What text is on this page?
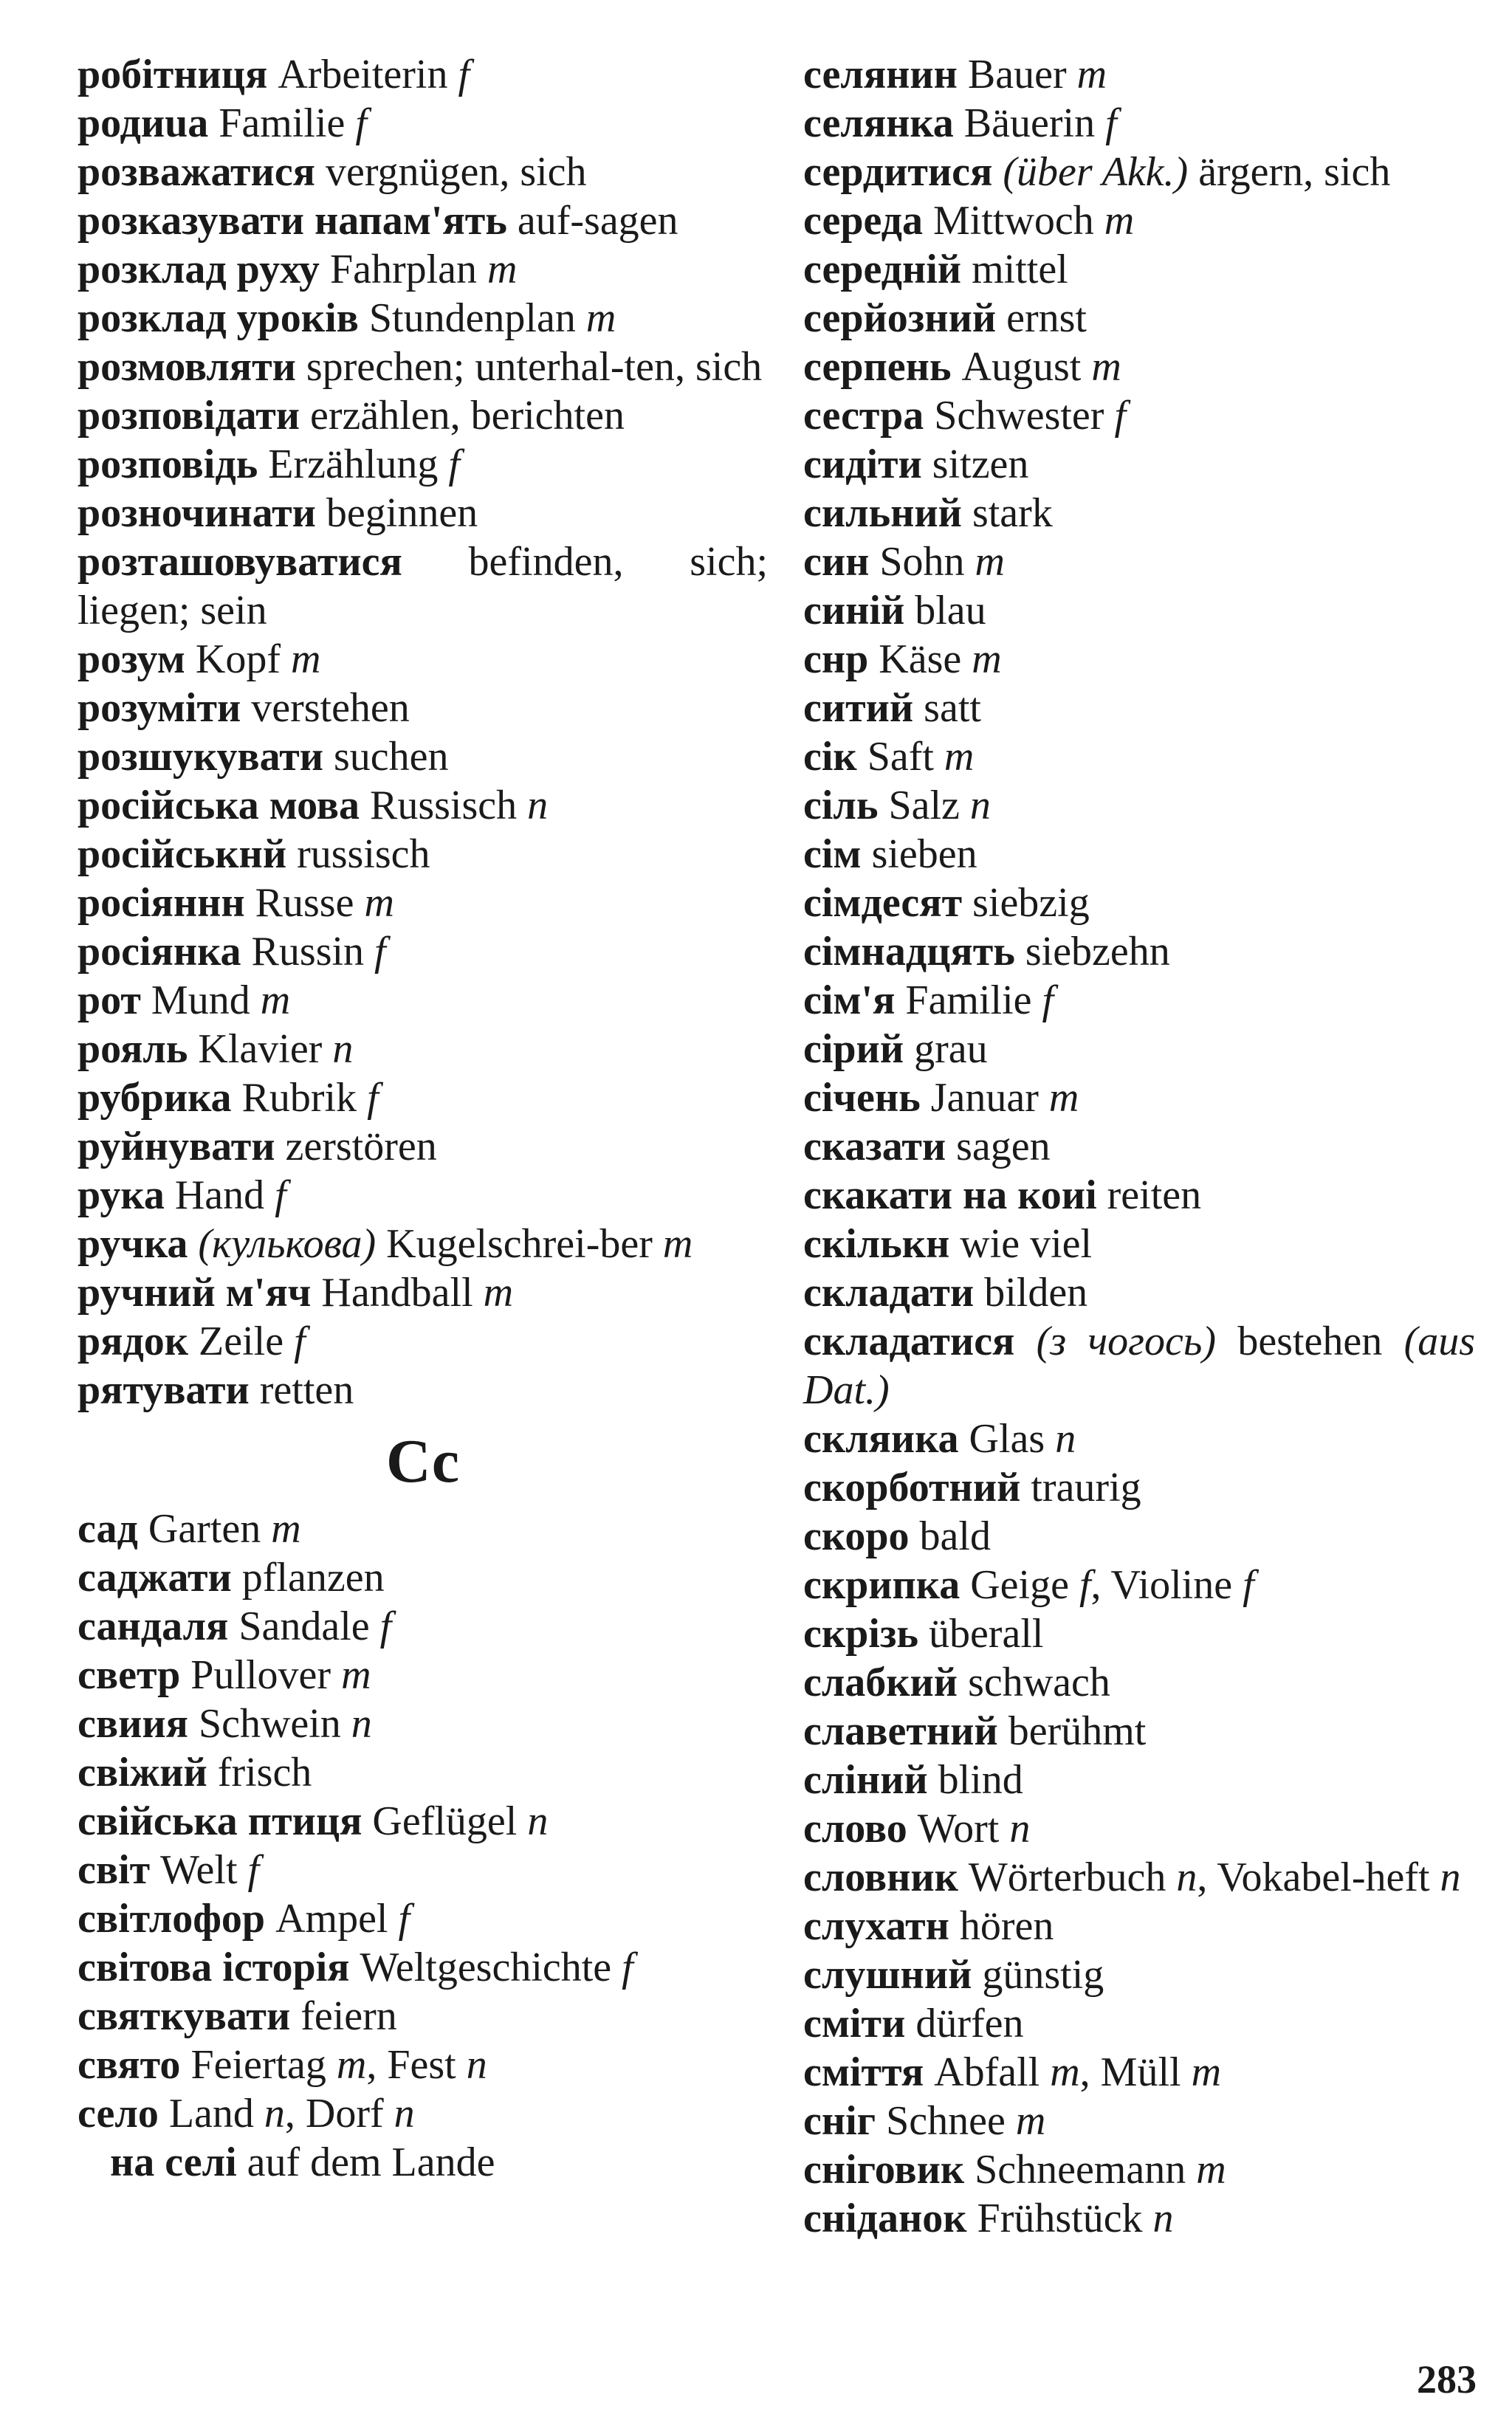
робітниця Arbeiterin f

родиua Familie f

розважатися vergnügen, sich

розказувати напам'ять auf-sagen

розклад руху Fahrplan m

розклад уроків Stundenplan m

розмовляти sprechen; unterhal-ten, sich

розповідати erzählen, berichten

розповідь Erzählung f

розночинати beginnen

розташовуватися befinden, sich; liegen; sein

розум Kopf m

розуміти verstehen

розшукувати suchen

російська мова Russisch n

російськнй russisch

росіяннн Russe m

росіянка Russin f

рот Mund m

рояль Klavier n

рубрика Rubrik f

руйнувати zerstören

рука Hand f

ручка (кулькова) Kugelschrei-ber m

ручний м'яч Handball m

рядок Zeile f

рятувати retten

Сс

сад Garten m

саджати pflanzen

сандаля Sandale f

светр Pullover m

свиия Schwein n

свіжий frisch

свійська птиця Geflügel n

світ Welt f

світлофор Ampel f

світова історія Weltgeschichte f

святкувати feiern

свято Feiertag m, Fest n

село Land n, Dorf n

на селі auf dem Lande

селянин Bauer m

селянка Bäuerin f

сердитися (über Akk.) ärgern, sich

середа Mittwoch m

середній mittel

серйозний ernst

серпень August m

сестра Schwester f

сидіти sitzen

сильний stark

син Sohn m

синій blau

снр Käse m

ситий satt

сік Saft m

сіль Salz n

сім sieben

сімдесят siebzig

сімнадцять siebzehn

сім'я Familie f

сірий grau

січень Januar m

сказати sagen

скакати на коиі reiten

скількн wie viel

складати bilden

складатися (з чогось) bestehen (aus Dat.)

скляика Glas n

скорботний traurig

скоро bald

скрипка Geige f, Violine f

скрізь überall

слабкий schwach

славетний berühmt

сліний blind

слово Wort n

словник Wörterbuch n, Vokabel-heft n

слухатн hören

слушний günstig

сміти dürfen

сміття Abfall m, Müll m

сніг Schnee m

сніговик Schneemann m

сніданок Frühstück n

283
